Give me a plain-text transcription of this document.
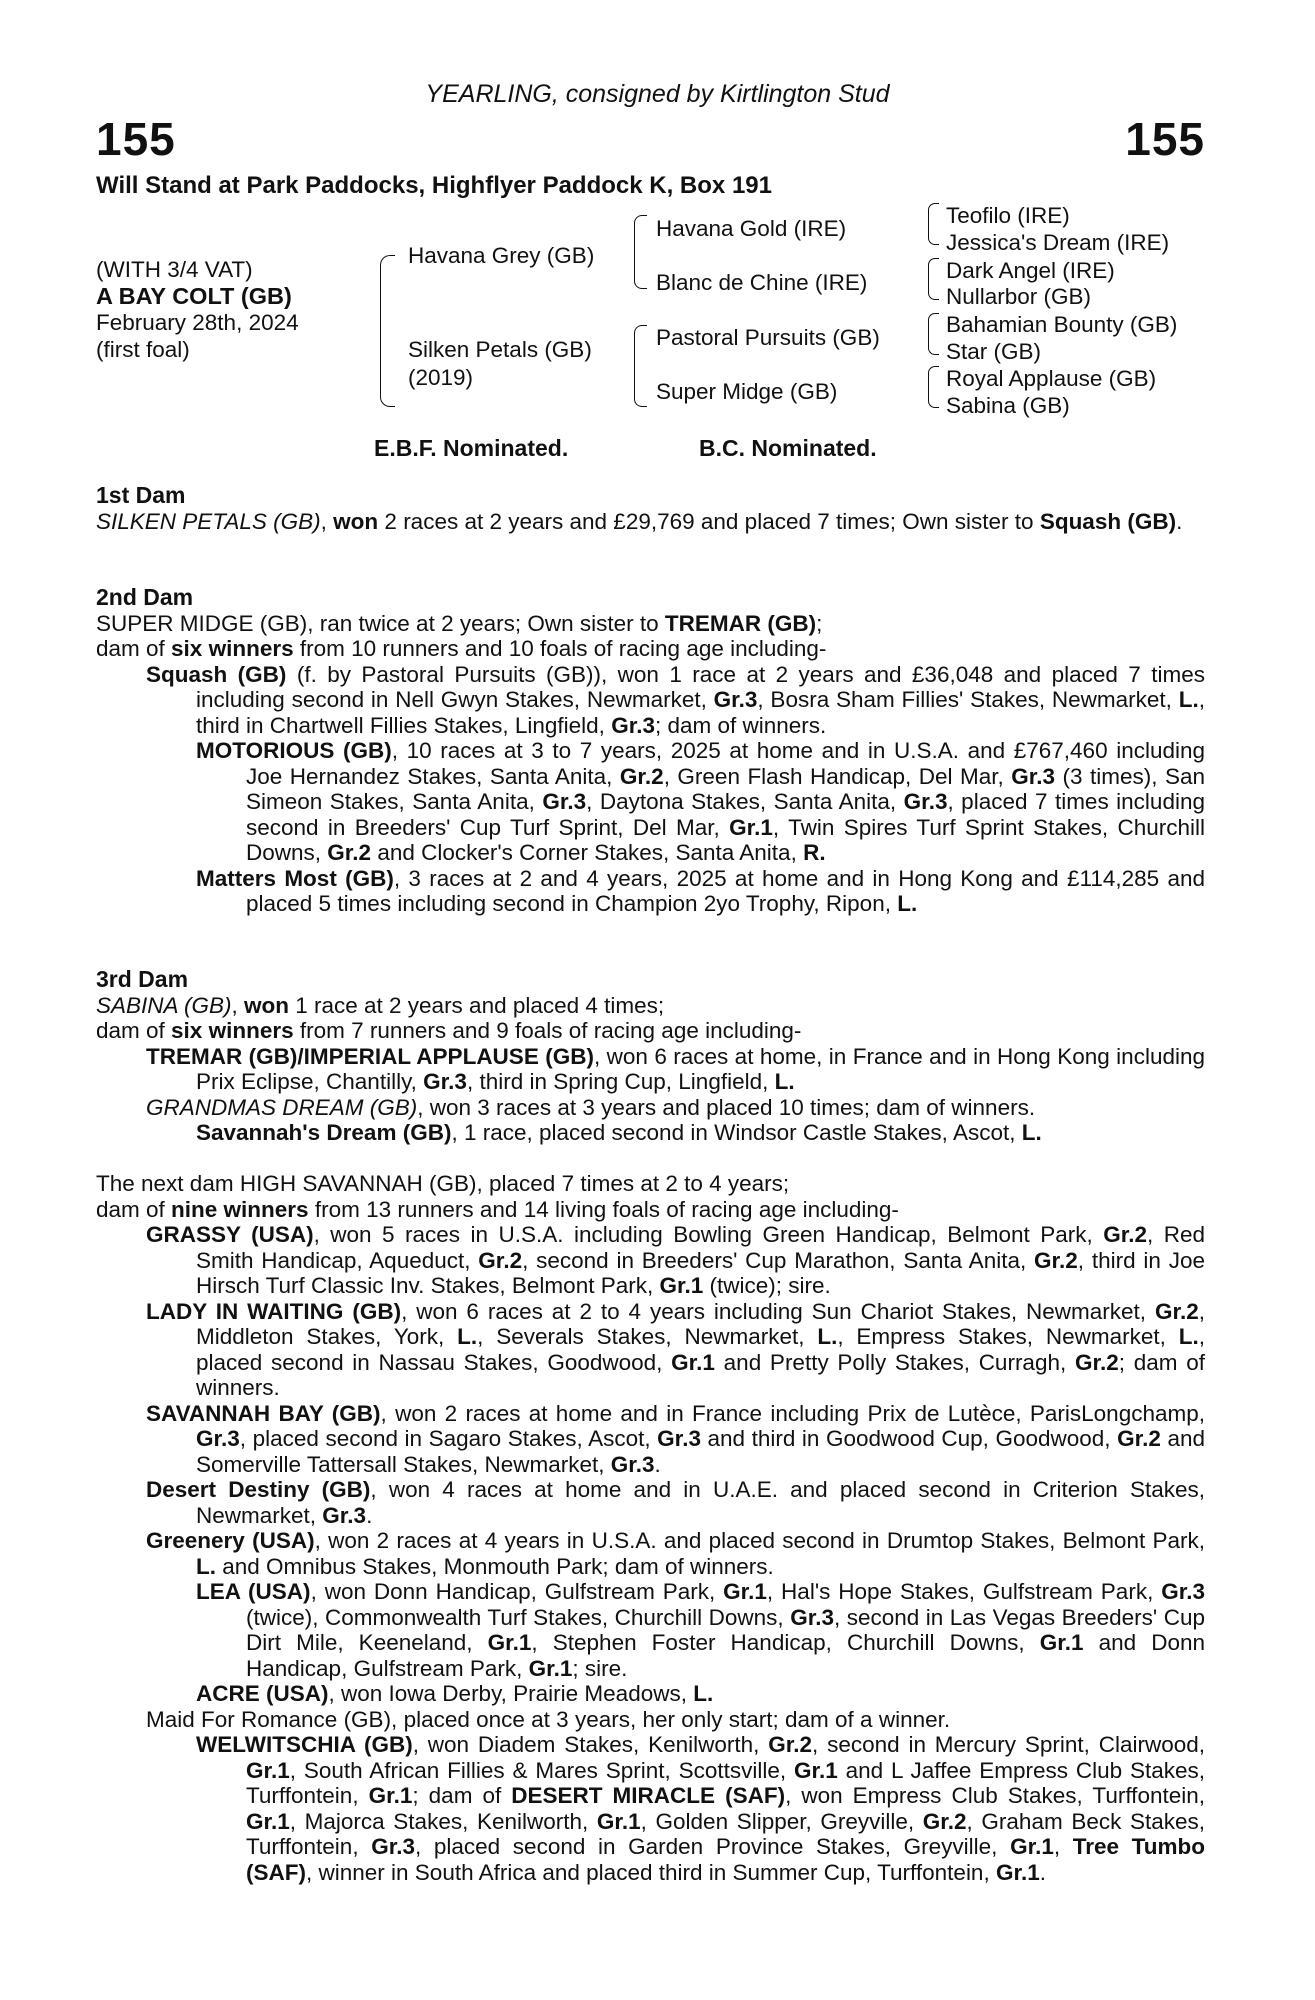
YEARLING, consigned by Kirtlington Stud
155	155
Will Stand at Park Paddocks, Highflyer Paddock K, Box 191
(WITH 3/4 VAT)
A BAY COLT (GB)
February 28th, 2024
(first foal)
Havana Grey (GB)
Silken Petals (GB)
(2019)
Havana Gold (IRE)
Blanc de Chine (IRE)
Pastoral Pursuits (GB)
Super Midge (GB)
Teofilo (IRE)
Jessica's Dream (IRE)
Dark Angel (IRE)
Nullarbor (GB)
Bahamian Bounty (GB)
Star (GB)
Royal Applause (GB)
Sabina (GB)
E.B.F. Nominated.	B.C. Nominated.
1st Dam
SILKEN PETALS (GB), won 2 races at 2 years and £29,769 and placed 7 times; Own sister to Squash (GB).
2nd Dam
SUPER MIDGE (GB), ran twice at 2 years; Own sister to TREMAR (GB);
dam of six winners from 10 runners and 10 foals of racing age including-
Squash (GB) (f. by Pastoral Pursuits (GB)), won 1 race at 2 years and £36,048 and placed 7 times including second in Nell Gwyn Stakes, Newmarket, Gr.3, Bosra Sham Fillies' Stakes, Newmarket, L., third in Chartwell Fillies Stakes, Lingfield, Gr.3; dam of winners.
MOTORIOUS (GB), 10 races at 3 to 7 years, 2025 at home and in U.S.A. and £767,460 including Joe Hernandez Stakes, Santa Anita, Gr.2, Green Flash Handicap, Del Mar, Gr.3 (3 times), San Simeon Stakes, Santa Anita, Gr.3, Daytona Stakes, Santa Anita, Gr.3, placed 7 times including second in Breeders' Cup Turf Sprint, Del Mar, Gr.1, Twin Spires Turf Sprint Stakes, Churchill Downs, Gr.2 and Clocker's Corner Stakes, Santa Anita, R.
Matters Most (GB), 3 races at 2 and 4 years, 2025 at home and in Hong Kong and £114,285 and placed 5 times including second in Champion 2yo Trophy, Ripon, L.
3rd Dam
SABINA (GB), won 1 race at 2 years and placed 4 times;
dam of six winners from 7 runners and 9 foals of racing age including-
TREMAR (GB)/IMPERIAL APPLAUSE (GB), won 6 races at home, in France and in Hong Kong including Prix Eclipse, Chantilly, Gr.3, third in Spring Cup, Lingfield, L.
GRANDMAS DREAM (GB), won 3 races at 3 years and placed 10 times; dam of winners.
Savannah's Dream (GB), 1 race, placed second in Windsor Castle Stakes, Ascot, L.
The next dam HIGH SAVANNAH (GB), placed 7 times at 2 to 4 years;
dam of nine winners from 13 runners and 14 living foals of racing age including-
GRASSY (USA), won 5 races in U.S.A. including Bowling Green Handicap, Belmont Park, Gr.2, Red Smith Handicap, Aqueduct, Gr.2, second in Breeders' Cup Marathon, Santa Anita, Gr.2, third in Joe Hirsch Turf Classic Inv. Stakes, Belmont Park, Gr.1 (twice); sire.
LADY IN WAITING (GB), won 6 races at 2 to 4 years including Sun Chariot Stakes, Newmarket, Gr.2, Middleton Stakes, York, L., Severals Stakes, Newmarket, L., Empress Stakes, Newmarket, L., placed second in Nassau Stakes, Goodwood, Gr.1 and Pretty Polly Stakes, Curragh, Gr.2; dam of winners.
SAVANNAH BAY (GB), won 2 races at home and in France including Prix de Lutèce, ParisLongchamp, Gr.3, placed second in Sagaro Stakes, Ascot, Gr.3 and third in Goodwood Cup, Goodwood, Gr.2 and Somerville Tattersall Stakes, Newmarket, Gr.3.
Desert Destiny (GB), won 4 races at home and in U.A.E. and placed second in Criterion Stakes, Newmarket, Gr.3.
Greenery (USA), won 2 races at 4 years in U.S.A. and placed second in Drumtop Stakes, Belmont Park, L. and Omnibus Stakes, Monmouth Park; dam of winners.
LEA (USA), won Donn Handicap, Gulfstream Park, Gr.1, Hal's Hope Stakes, Gulfstream Park, Gr.3 (twice), Commonwealth Turf Stakes, Churchill Downs, Gr.3, second in Las Vegas Breeders' Cup Dirt Mile, Keeneland, Gr.1, Stephen Foster Handicap, Churchill Downs, Gr.1 and Donn Handicap, Gulfstream Park, Gr.1; sire.
ACRE (USA), won Iowa Derby, Prairie Meadows, L.
Maid For Romance (GB), placed once at 3 years, her only start; dam of a winner.
WELWITSCHIA (GB), won Diadem Stakes, Kenilworth, Gr.2, second in Mercury Sprint, Clairwood, Gr.1, South African Fillies & Mares Sprint, Scottsville, Gr.1 and L Jaffee Empress Club Stakes, Turffontein, Gr.1; dam of DESERT MIRACLE (SAF), won Empress Club Stakes, Turffontein, Gr.1, Majorca Stakes, Kenilworth, Gr.1, Golden Slipper, Greyville, Gr.2, Graham Beck Stakes, Turffontein, Gr.3, placed second in Garden Province Stakes, Greyville, Gr.1, Tree Tumbo (SAF), winner in South Africa and placed third in Summer Cup, Turffontein, Gr.1.
